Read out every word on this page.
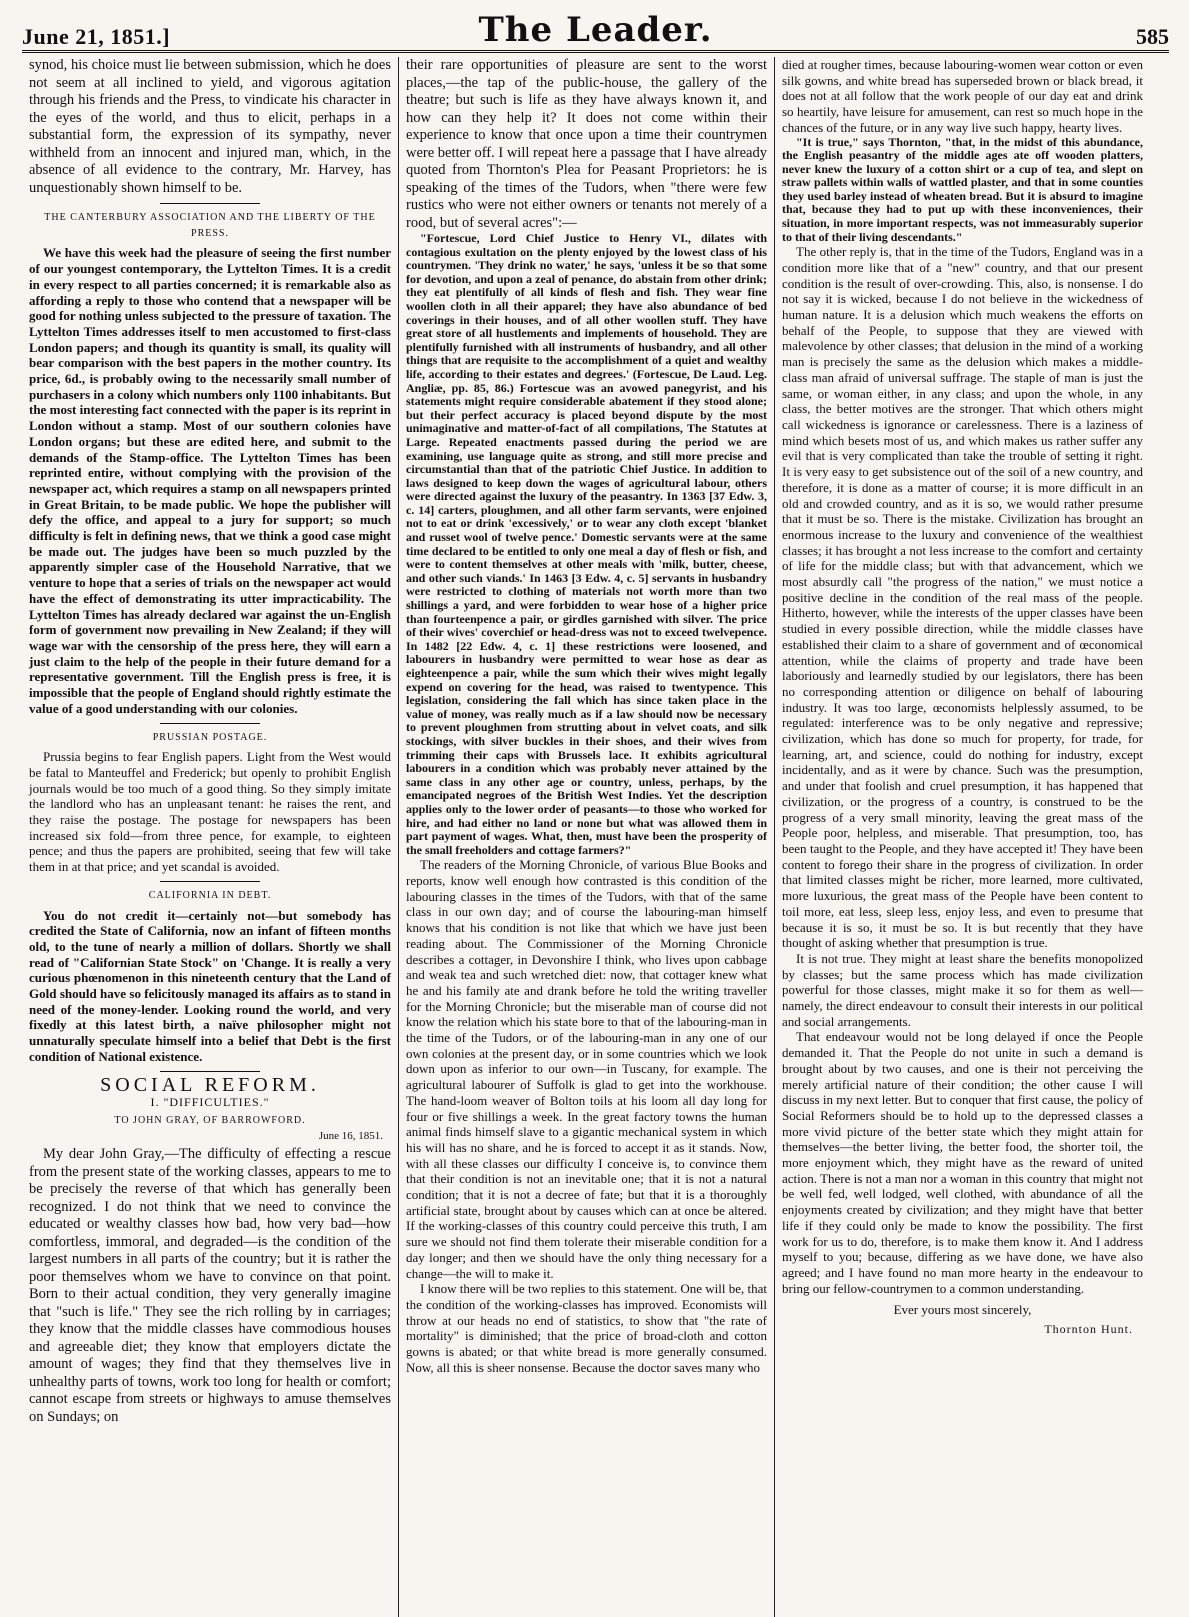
June 21, 1851.]	The Leader.	585

synod, his choice must lie between submission, which he does not seem at all inclined to yield, and vigorous agitation through his friends and the Press, to vindicate his character in the eyes of the world, and thus to elicit, perhaps in a substantial form, the expression of its sympathy, never withheld from an innocent and injured man, which, in the absence of all evidence to the contrary, Mr. Harvey, has unquestionably shown himself to be.

THE CANTERBURY ASSOCIATION AND THE LIBERTY OF THE PRESS.

We have this week had the pleasure of seeing the first number of our youngest contemporary, the Lyttelton Times. It is a credit in every respect to all parties concerned; it is remarkable also as affording a reply to those who contend that a newspaper will be good for nothing unless subjected to the pressure of taxation. The Lyttelton Times addresses itself to men accustomed to first-class London papers; and though its quantity is small, its quality will bear comparison with the best papers in the mother country. Its price, 6d., is probably owing to the necessarily small number of purchasers in a colony which numbers only 1100 inhabitants. But the most interesting fact connected with the paper is its reprint in London without a stamp. Most of our southern colonies have London organs; but these are edited here, and submit to the demands of the Stamp-office. The Lyttelton Times has been reprinted entire, without complying with the provision of the newspaper act, which requires a stamp on all newspapers printed in Great Britain, to be made public. We hope the publisher will defy the office, and appeal to a jury for support; so much difficulty is felt in defining news, that we think a good case might be made out. The judges have been so much puzzled by the apparently simpler case of the Household Narrative, that we venture to hope that a series of trials on the newspaper act would have the effect of demonstrating its utter impracticability. The Lyttelton Times has already declared war against the un-English form of government now prevailing in New Zealand; if they will wage war with the censorship of the press here, they will earn a just claim to the help of the people in their future demand for a representative government. Till the English press is free, it is impossible that the people of England should rightly estimate the value of a good understanding with our colonies.

PRUSSIAN POSTAGE.

Prussia begins to fear English papers. Light from the West would be fatal to Manteuffel and Frederick; but openly to prohibit English journals would be too much of a good thing. So they simply imitate the landlord who has an unpleasant tenant: he raises the rent, and they raise the postage. The postage for newspapers has been increased six fold—from three pence, for example, to eighteen pence; and thus the papers are prohibited, seeing that few will take them in at that price; and yet scandal is avoided.

CALIFORNIA IN DEBT.

You do not credit it—certainly not—but somebody has credited the State of California, now an infant of fifteen months old, to the tune of nearly a million of dollars. Shortly we shall read of "Californian State Stock" on 'Change. It is really a very curious phœnomenon in this nineteenth century that the Land of Gold should have so felicitously managed its affairs as to stand in need of the money-lender. Looking round the world, and very fixedly at this latest birth, a naïve philosopher might not unnaturally speculate himself into a belief that Debt is the first condition of National existence.

SOCIAL REFORM.
I. "DIFFICULTIES."
TO JOHN GRAY, OF BARROWFORD.
June 16, 1851.

My dear John Gray,—The difficulty of effecting a rescue from the present state of the working classes, appears to me to be precisely the reverse of that which has generally been recognized. I do not think that we need to convince the educated or wealthy classes how bad, how very bad—how comfortless, immoral, and degraded—is the condition of the largest numbers in all parts of the country; but it is rather the poor themselves whom we have to convince on that point. Born to their actual condition, they very generally imagine that "such is life." They see the rich rolling by in carriages; they know that the middle classes have commodious houses and agreeable diet; they know that employers dictate the amount of wages; they find that they themselves live in unhealthy parts of towns, work too long for health or comfort; cannot escape from streets or highways to amuse themselves on Sundays; on

their rare opportunities of pleasure are sent to the worst places,—the tap of the public-house, the gallery of the theatre; but such is life as they have always known it, and how can they help it? It does not come within their experience to know that once upon a time their countrymen were better off. I will repeat here a passage that I have already quoted from Thornton's Plea for Peasant Proprietors: he is speaking of the times of the Tudors, when "there were few rustics who were not either owners or tenants not merely of a rood, but of several acres":—

"Fortescue, Lord Chief Justice to Henry VI., dilates with contagious exultation on the plenty enjoyed by the lowest class of his countrymen. 'They drink no water,' he says, 'unless it be so that some for devotion, and upon a zeal of penance, do abstain from other drink; they eat plentifully of all kinds of flesh and fish. They wear fine woollen cloth in all their apparel; they have also abundance of bed coverings in their houses, and of all other woollen stuff. They have great store of all hustlements and implements of household. They are plentifully furnished with all instruments of husbandry, and all other things that are requisite to the accomplishment of a quiet and wealthy life, according to their estates and degrees.' (Fortescue, De Laud. Leg. Angliæ, pp. 85, 86.) Fortescue was an avowed panegyrist, and his statements might require considerable abatement if they stood alone; but their perfect accuracy is placed beyond dispute by the most unimaginative and matter-of-fact of all compilations, The Statutes at Large. Repeated enactments passed during the period we are examining, use language quite as strong, and still more precise and circumstantial than that of the patriotic Chief Justice. In addition to laws designed to keep down the wages of agricultural labour, others were directed against the luxury of the peasantry. In 1363 [37 Edw. 3, c. 14] carters, ploughmen, and all other farm servants, were enjoined not to eat or drink 'excessively,' or to wear any cloth except 'blanket and russet wool of twelve pence.' Domestic servants were at the same time declared to be entitled to only one meal a day of flesh or fish, and were to content themselves at other meals with 'milk, butter, cheese, and other such viands.' In 1463 [3 Edw. 4, c. 5] servants in husbandry were restricted to clothing of materials not worth more than two shillings a yard, and were forbidden to wear hose of a higher price than fourteenpence a pair, or girdles garnished with silver. The price of their wives' coverchief or head-dress was not to exceed twelvepence. In 1482 [22 Edw. 4, c. 1] these restrictions were loosened, and labourers in husbandry were permitted to wear hose as dear as eighteenpence a pair, while the sum which their wives might legally expend on covering for the head, was raised to twentypence. This legislation, considering the fall which has since taken place in the value of money, was really much as if a law should now be necessary to prevent ploughmen from strutting about in velvet coats, and silk stockings, with silver buckles in their shoes, and their wives from trimming their caps with Brussels lace. It exhibits agricultural labourers in a condition which was probably never attained by the same class in any other age or country, unless, perhaps, by the emancipated negroes of the British West Indies. Yet the description applies only to the lower order of peasants—to those who worked for hire, and had either no land or none but what was allowed them in part payment of wages. What, then, must have been the prosperity of the small freeholders and cottage farmers?"

The readers of the Morning Chronicle, of various Blue Books and reports, know well enough how contrasted is this condition of the labouring classes in the times of the Tudors, with that of the same class in our own day; and of course the labouring-man himself knows that his condition is not like that which we have just been reading about. The Commissioner of the Morning Chronicle describes a cottager, in Devonshire I think, who lives upon cabbage and weak tea and such wretched diet: now, that cottager knew what he and his family ate and drank before he told the writing traveller for the Morning Chronicle; but the miserable man of course did not know the relation which his state bore to that of the labouring-man in the time of the Tudors, or of the labouring-man in any one of our own colonies at the present day, or in some countries which we look down upon as inferior to our own—in Tuscany, for example. The agricultural labourer of Suffolk is glad to get into the workhouse. The hand-loom weaver of Bolton toils at his loom all day long for four or five shillings a week. In the great factory towns the human animal finds himself slave to a gigantic mechanical system in which his will has no share, and he is forced to accept it as it stands. Now, with all these classes our difficulty I conceive is, to convince them that their condition is not an inevitable one; that it is not a natural condition; that it is not a decree of fate; but that it is a thoroughly artificial state, brought about by causes which can at once be altered. If the working-classes of this country could perceive this truth, I am sure we should not find them tolerate their miserable condition for a day longer; and then we should have the only thing necessary for a change—the will to make it.

I know there will be two replies to this statement. One will be, that the condition of the working-classes has improved. Economists will throw at our heads no end of statistics, to show that "the rate of mortality" is diminished; that the price of broad-cloth and cotton gowns is abated; or that white bread is more generally consumed. Now, all this is sheer nonsense. Because the doctor saves many who

died at rougher times, because labouring-women wear cotton or even silk gowns, and white bread has superseded brown or black bread, it does not at all follow that the work people of our day eat and drink so heartily, have leisure for amusement, can rest so much hope in the chances of the future, or in any way live such happy, hearty lives.

"It is true," says Thornton, "that, in the midst of this abundance, the English peasantry of the middle ages ate off wooden platters, never knew the luxury of a cotton shirt or a cup of tea, and slept on straw pallets within walls of wattled plaster, and that in some counties they used barley instead of wheaten bread. But it is absurd to imagine that, because they had to put up with these inconveniences, their situation, in more important respects, was not immeasurably superior to that of their living descendants."

The other reply is, that in the time of the Tudors, England was in a condition more like that of a "new" country, and that our present condition is the result of over-crowding. This, also, is nonsense. I do not say it is wicked, because I do not believe in the wickedness of human nature. It is a delusion which much weakens the efforts on behalf of the People, to suppose that they are viewed with malevolence by other classes; that delusion in the mind of a working man is precisely the same as the delusion which makes a middle-class man afraid of universal suffrage. The staple of man is just the same, or woman either, in any class; and upon the whole, in any class, the better motives are the stronger. That which others might call wickedness is ignorance or carelessness. There is a laziness of mind which besets most of us, and which makes us rather suffer any evil that is very complicated than take the trouble of setting it right. It is very easy to get subsistence out of the soil of a new country, and therefore, it is done as a matter of course; it is more difficult in an old and crowded country, and as it is so, we would rather presume that it must be so. There is the mistake. Civilization has brought an enormous increase to the luxury and convenience of the wealthiest classes; it has brought a not less increase to the comfort and certainty of life for the middle class; but with that advancement, which we most absurdly call "the progress of the nation," we must notice a positive decline in the condition of the real mass of the people. Hitherto, however, while the interests of the upper classes have been studied in every possible direction, while the middle classes have established their claim to a share of government and of œconomical attention, while the claims of property and trade have been laboriously and learnedly studied by our legislators, there has been no corresponding attention or diligence on behalf of labouring industry. It was too large, œconomists helplessly assumed, to be regulated: interference was to be only negative and repressive; civilization, which has done so much for property, for trade, for learning, art, and science, could do nothing for industry, except incidentally, and as it were by chance. Such was the presumption, and under that foolish and cruel presumption, it has happened that civilization, or the progress of a country, is construed to be the progress of a very small minority, leaving the great mass of the People poor, helpless, and miserable. That presumption, too, has been taught to the People, and they have accepted it! They have been content to forego their share in the progress of civilization. In order that limited classes might be richer, more learned, more cultivated, more luxurious, the great mass of the People have been content to toil more, eat less, sleep less, enjoy less, and even to presume that because it is so, it must be so. It is but recently that they have thought of asking whether that presumption is true.

It is not true. They might at least share the benefits monopolized by classes; but the same process which has made civilization powerful for those classes, might make it so for them as well—namely, the direct endeavour to consult their interests in our political and social arrangements.

That endeavour would not be long delayed if once the People demanded it. That the People do not unite in such a demand is brought about by two causes, and one is their not perceiving the merely artificial nature of their condition; the other cause I will discuss in my next letter. But to conquer that first cause, the policy of Social Reformers should be to hold up to the depressed classes a more vivid picture of the better state which they might attain for themselves—the better living, the better food, the shorter toil, the more enjoyment which, they might have as the reward of united action. There is not a man nor a woman in this country that might not be well fed, well lodged, well clothed, with abundance of all the enjoyments created by civilization; and they might have that better life if they could only be made to know the possibility. The first work for us to do, therefore, is to make them know it. And I address myself to you; because, differing as we have done, we have also agreed; and I have found no man more hearty in the endeavour to bring our fellow-countrymen to a common understanding.

Ever yours most sincerely,
Thornton Hunt.
